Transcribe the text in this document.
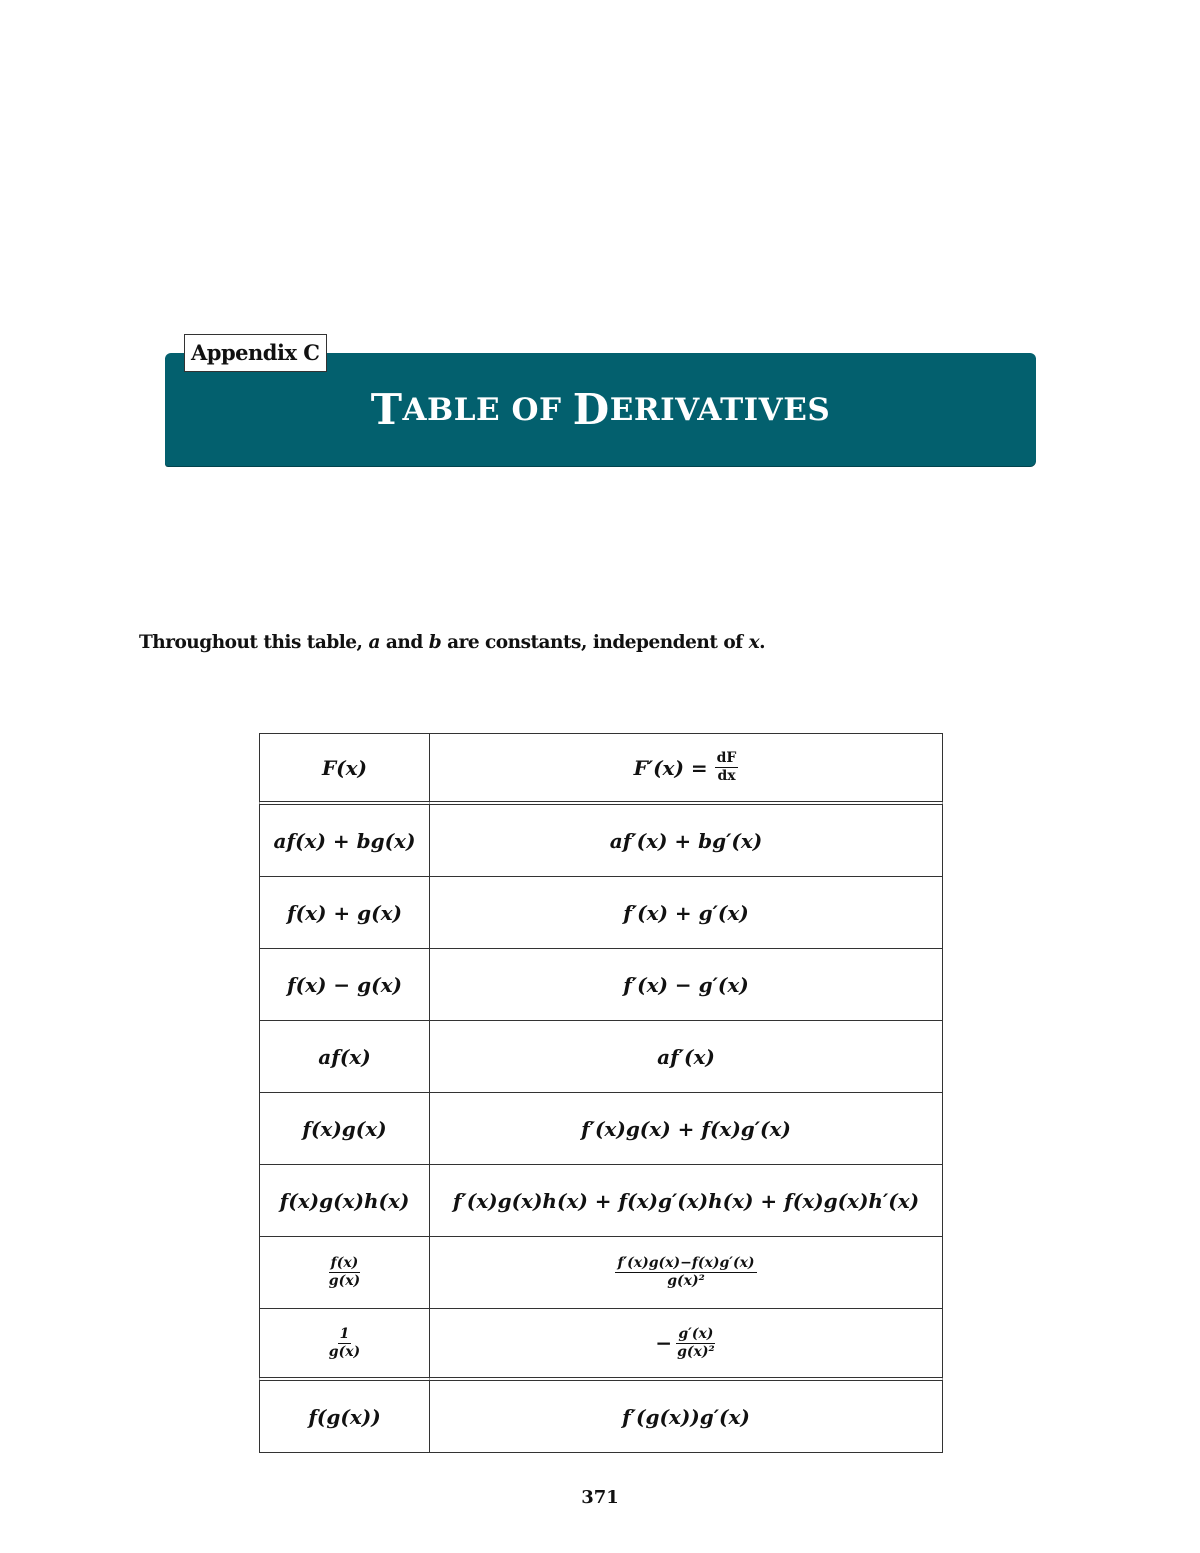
Appendix C
T ABLE OF D ERIVATIVES

Throughout this table, a and b are constants, independent of x.

F(x)	$F'(x) = \frac{dF}{dx}$
af(x) + bg(x)	af′(x) + bg′(x)
f(x) + g(x)	f′(x) + g′(x)
f(x) − g(x)	f′(x) − g′(x)
af(x)	af′(x)
f(x)g(x)	f′(x)g(x) + f(x)g′(x)
f(x)g(x)h(x)	f′(x)g(x)h(x) + f(x)g′(x)h(x) + f(x)g(x)h′(x)
$\frac{f(x)}{g(x)}$	$\frac{f'(x)g(x)-f(x)g'(x)}{\text{g(x)²}}$
$\frac{1}{g(x)}$	− $\frac{g'(x)}{\text{g(x)²}}$
f(g(x))	f′(g(x))g′(x)
371
